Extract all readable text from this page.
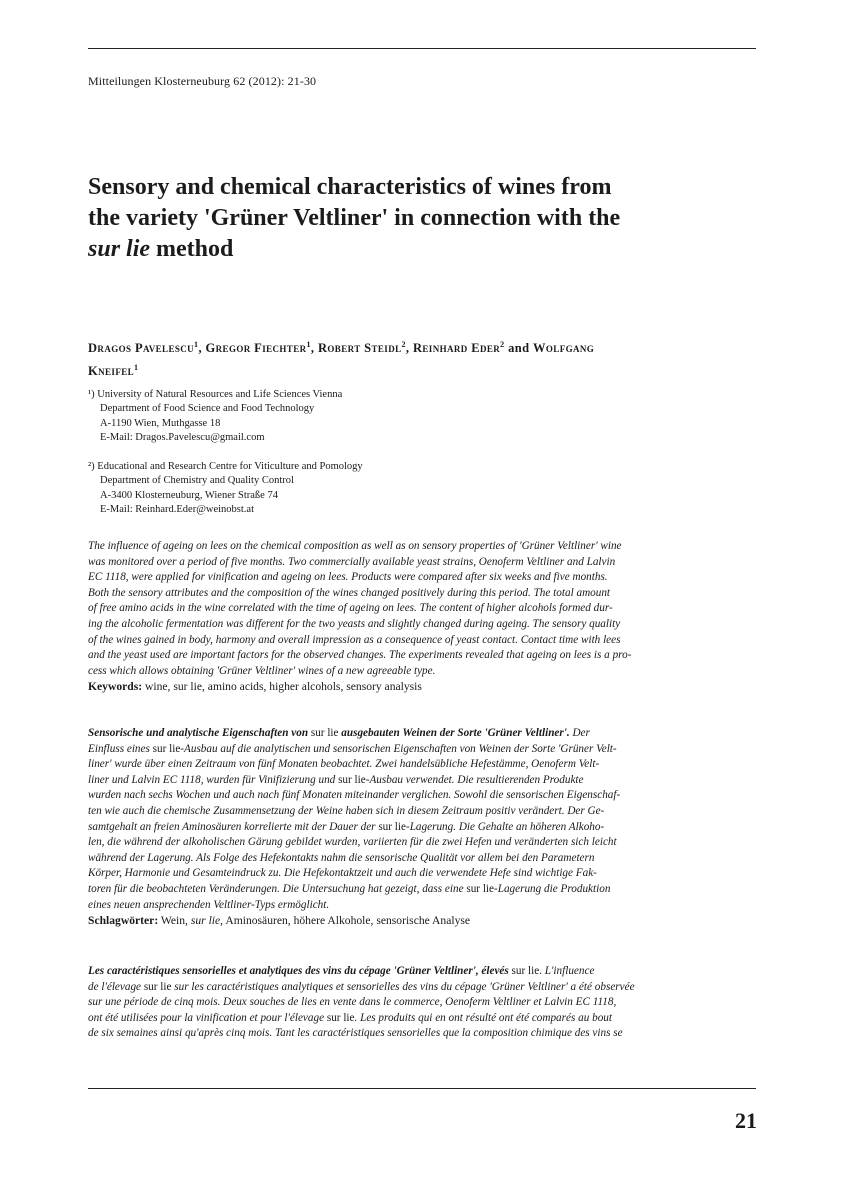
Mitteilungen Klosterneuburg 62 (2012): 21-30
Sensory and chemical characteristics of wines from
the variety 'Grüner Veltliner' in connection with the
sur lie method

Dragos Pavelescu$^1$, Gregor Fiechter$^1$, Robert Steidl$^2$, Reinhard Eder$^2$ and Wolfgang
Kneifel$^1$

¹) University of Natural Resources and Life Sciences Vienna
Department of Food Science and Food Technology
A-1190 Wien, Muthgasse 18
E-Mail: Dragos.Pavelescu@gmail.com

²) Educational and Research Centre for Viticulture and Pomology
Department of Chemistry and Quality Control
A-3400 Klosterneuburg, Wiener Straße 74
E-Mail: Reinhard.Eder@weinobst.at

The influence of ageing on lees on the chemical composition as well as on sensory properties of 'Grüner Veltliner' wine
was monitored over a period of five months. Two commercially available yeast strains, Oenoferm Veltliner and Lalvin
EC 1118, were applied for vinification and ageing on lees. Products were compared after six weeks and five months.
Both the sensory attributes and the composition of the wines changed positively during this period. The total amount
of free amino acids in the wine correlated with the time of ageing on lees. The content of higher alcohols formed dur-
ing the alcoholic fermentation was different for the two yeasts and slightly changed during ageing. The sensory quality
of the wines gained in body, harmony and overall impression as a consequence of yeast contact. Contact time with lees
and the yeast used are important factors for the observed changes. The experiments revealed that ageing on lees is a pro-
cess which allows obtaining 'Grüner Veltliner' wines of a new agreeable type.
Keywords: wine, sur lie, amino acids, higher alcohols, sensory analysis
Sensorische und analytische Eigenschaften von sur lie ausgebauten Weinen der Sorte 'Grüner Veltliner'. Der
Einfluss eines sur lie-Ausbau auf die analytischen und sensorischen Eigenschaften von Weinen der Sorte 'Grüner Velt-
liner' wurde über einen Zeitraum von fünf Monaten beobachtet. Zwei handelsübliche Hefestämme, Oenoferm Velt-
liner und Lalvin EC 1118, wurden für Vinifizierung und sur lie-Ausbau verwendet. Die resultierenden Produkte
wurden nach sechs Wochen und auch nach fünf Monaten miteinander verglichen. Sowohl die sensorischen Eigenschaf-
ten wie auch die chemische Zusammensetzung der Weine haben sich in diesem Zeitraum positiv verändert. Der Ge-
samtgehalt an freien Aminosäuren korrelierte mit der Dauer der sur lie-Lagerung. Die Gehalte an höheren Alkoho-
len, die während der alkoholischen Gärung gebildet wurden, variierten für die zwei Hefen und veränderten sich leicht
während der Lagerung. Als Folge des Hefekontakts nahm die sensorische Qualität vor allem bei den Parametern
Körper, Harmonie und Gesamteindruck zu. Die Hefekontaktzeit und auch die verwendete Hefe sind wichtige Fak-
toren für die beobachteten Veränderungen. Die Untersuchung hat gezeigt, dass eine sur lie-Lagerung die Produktion
eines neuen ansprechenden Veltliner-Typs ermöglicht.
Schlagwörter: Wein, sur lie, Aminosäuren, höhere Alkohole, sensorische Analyse
Les caractéristiques sensorielles et analytiques des vins du cépage 'Grüner Veltliner', élevés sur lie. L'influence
de l'élevage sur lie sur les caractéristiques analytiques et sensorielles des vins du cépage 'Grüner Veltliner' a été observée
sur une période de cinq mois. Deux souches de lies en vente dans le commerce, Oenoferm Veltliner et Lalvin EC 1118,
ont été utilisées pour la vinification et pour l'élevage sur lie. Les produits qui en ont résulté ont été comparés au bout
de six semaines ainsi qu'après cinq mois. Tant les caractéristiques sensorielles que la composition chimique des vins se
21
